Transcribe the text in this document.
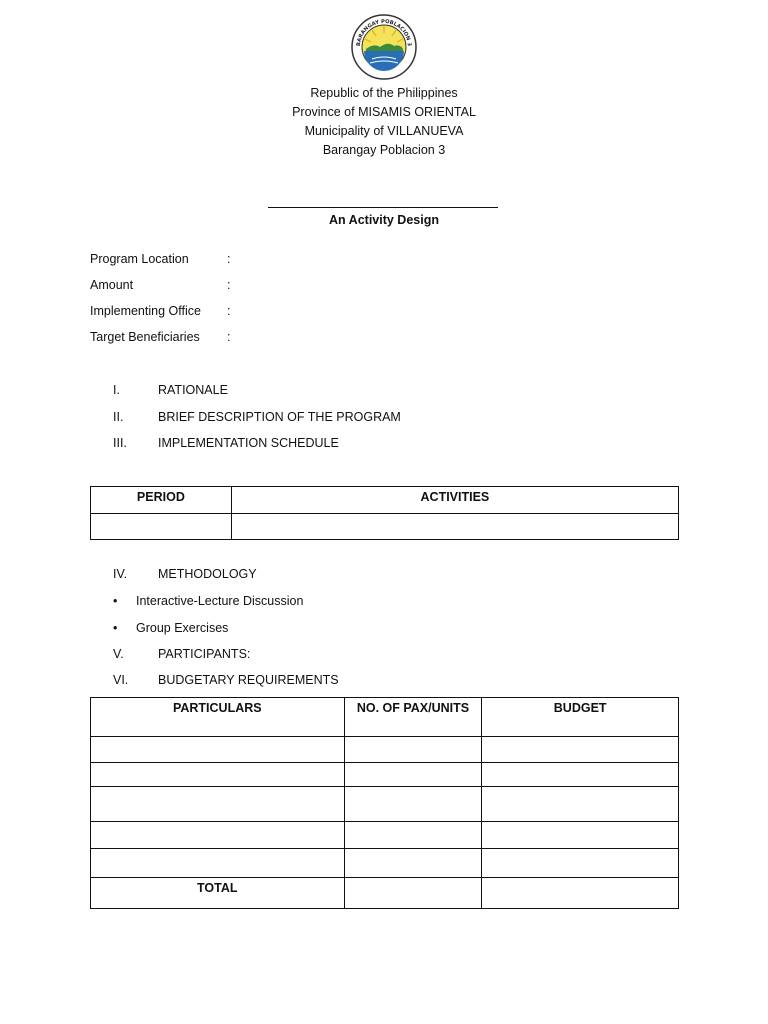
BARANGAY POBLACION 3
Republic of the Philippines
Province of MISAMIS ORIENTAL
Municipality of VILLANUEVA
Barangay Poblacion 3
An Activity Design
Program Location	:
Amount	:
Implementing Office	:
Target Beneficiaries	:
I.	RATIONALE
II.	BRIEF DESCRIPTION OF THE PROGRAM
III. IMPLEMENTATION SCHEDULE
PERIOD	ACTIVITIES

IV. METHODOLOGY
• Interactive-Lecture Discussion
• Group Exercises
V.	PARTICIPANTS:
VI. BUDGETARY REQUIREMENTS
PARTICULARS	NO. OF PAX/UNITS	BUDGET

TOTAL		
